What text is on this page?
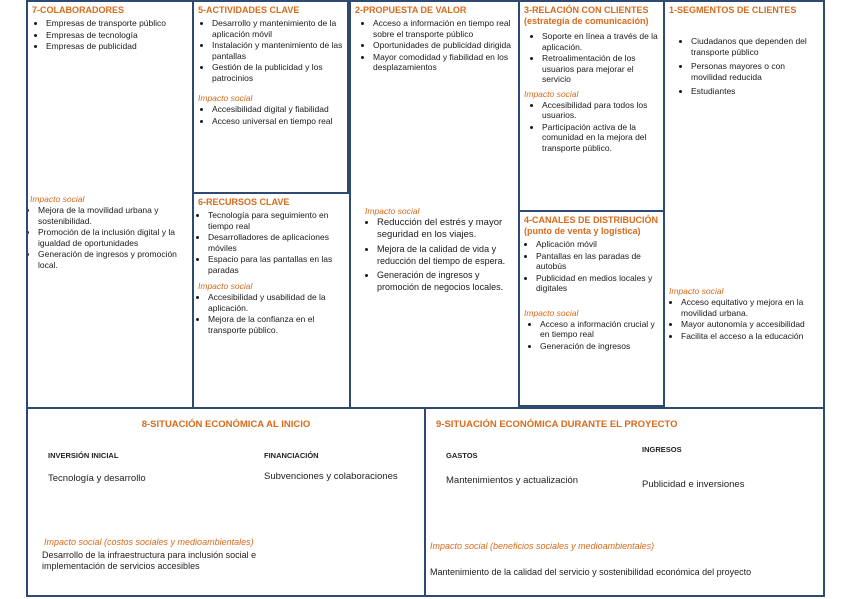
7-COLABORADORES
• Empresas de transporte público
• Empresas de tecnología
• Empresas de publicidad
Impacto social
• Mejora de la movilidad urbana y sostenibilidad.
• Promoción de la inclusión digital y la igualdad de oportunidades
• Generación de ingresos y promoción local.
5-ACTIVIDADES CLAVE
• Desarrollo y mantenimiento de la aplicación móvil
• Instalación y mantenimiento de las pantallas
• Gestión de la publicidad y los patrocinios
Impacto social
• Accesibilidad digital y fiabilidad
• Acceso universal en tiempo real
6-RECURSOS CLAVE
• Tecnología para seguimiento en tiempo real
• Desarrolladores de aplicaciones móviles
• Espacio para las pantallas en las paradas
Impacto social
• Accesibilidad y usabilidad de la aplicación.
• Mejora de la confianza en el transporte público.
2-PROPUESTA DE VALOR
• Acceso a información en tiempo real sobre el transporte público
• Oportunidades de publicidad dirigida
• Mayor comodidad y fiabilidad en los desplazamientos
Impacto social
• Reducción del estrés y mayor seguridad en los viajes.
• Mejora de la calidad de vida y reducción del tiempo de espera.
• Generación de ingresos y promoción de negocios locales.
3-RELACIÓN CON CLIENTES (estrategia de comunicación)
• Soporte en línea a través de la aplicación.
• Retroalimentación de los usuarios para mejorar el servicio
Impacto social
• Accesibilidad para todos los usuarios.
• Participación activa de la comunidad en la mejora del transporte público.
4-CANALES DE DISTRIBUCIÓN (punto de venta y logística)
• Aplicación móvil
• Pantallas en las paradas de autobús
• Publicidad en medios locales y digitales
Impacto social
• Acceso a información crucial y en tiempo real
• Generación de ingresos
1-SEGMENTOS DE CLIENTES
• Ciudadanos que dependen del transporte público
• Personas mayores o con movilidad reducida
• Estudiantes
Impacto social
• Acceso equitativo y mejora en la movilidad urbana.
• Mayor autonomía y accesibilidad
• Facilita el acceso a la educación
8-SITUACIÓN ECONÓMICA AL INICIO
INVERSIÓN INICIAL
Tecnología y desarrollo
FINANCIACIÓN
Subvenciones y colaboraciones
Impacto social (costos sociales y medioambientales)
Desarrollo de la infraestructura para inclusión social e implementación de servicios accesibles
9-SITUACIÓN ECONÓMICA DURANTE EL PROYECTO
GASTOS
Mantenimientos y actualización
INGRESOS
Publicidad e inversiones
Impacto social (beneficios sociales y medioambientales)
Mantenimiento de la calidad del servicio y sostenibilidad económica del proyecto
